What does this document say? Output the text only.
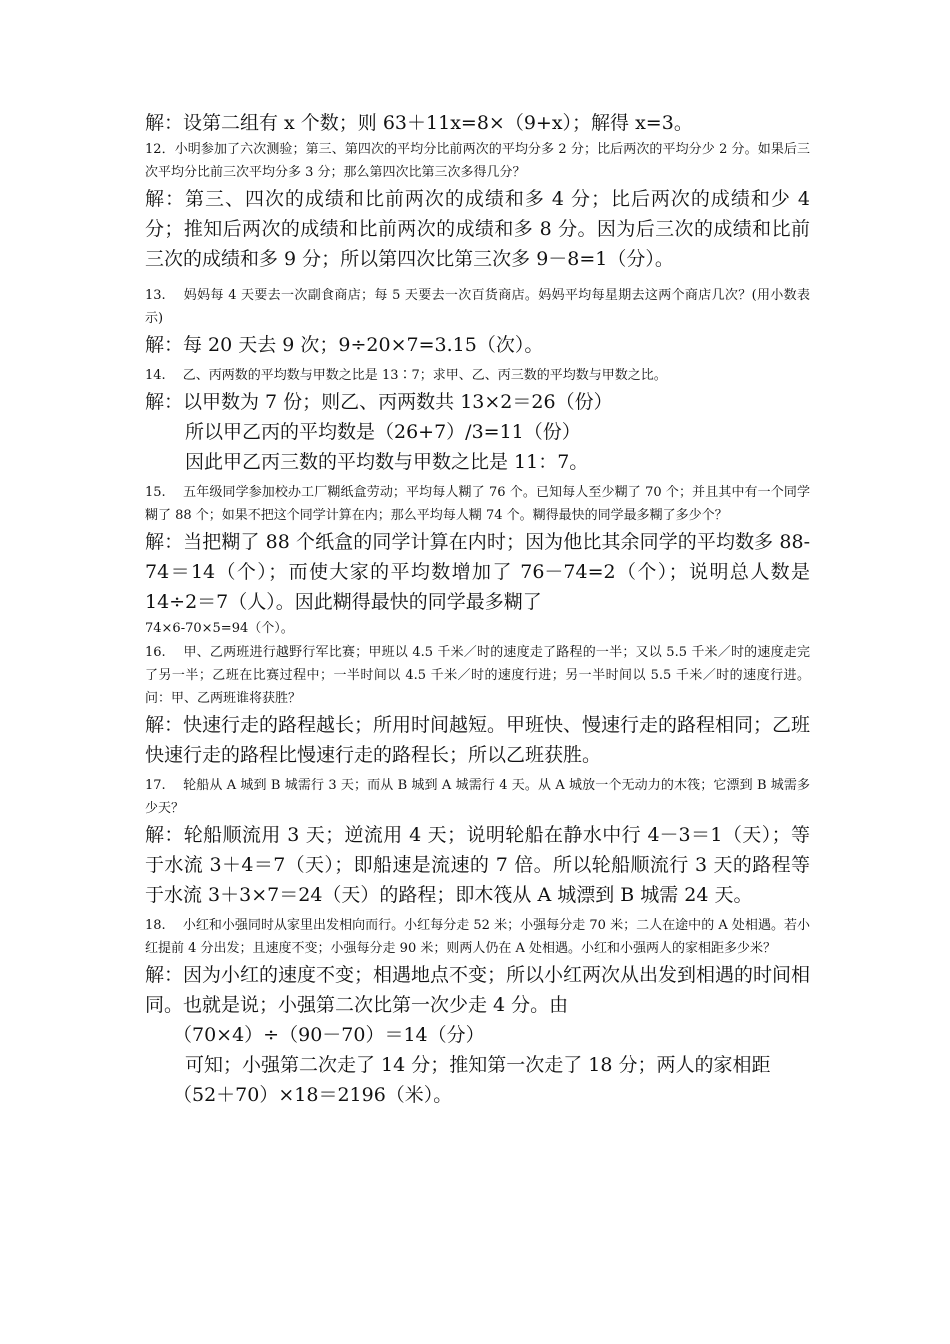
解：设第二组有 x 个数；则 63＋11x=8×（9+x）；解得 x=3。

12．小明参加了六次测验；第三、第四次的平均分比前两次的平均分多 2 分；比后两次的平均分少 2 分。如果后三次平均分比前三次平均分多 3 分；那么第四次比第三次多得几分？

解：第三、四次的成绩和比前两次的成绩和多 4 分；比后两次的成绩和少 4 分；推知后两次的成绩和比前两次的成绩和多 8 分。因为后三次的成绩和比前三次的成绩和多 9 分；所以第四次比第三次多 9－8=1（分）。

13.　 妈妈每 4 天要去一次副食商店；每 5 天要去一次百货商店。妈妈平均每星期去这两个商店几次？(用小数表示)

解：每 20 天去 9 次；9÷20×7=3.15（次）。

14.　 乙、丙两数的平均数与甲数之比是 13∶7；求甲、乙、丙三数的平均数与甲数之比。

解：以甲数为 7 份；则乙、丙两数共 13×2＝26（份）

所以甲乙丙的平均数是（26+7）/3=11（份）

因此甲乙丙三数的平均数与甲数之比是 11：7。

15.　 五年级同学参加校办工厂糊纸盒劳动；平均每人糊了 76 个。已知每人至少糊了 70 个；并且其中有一个同学糊了 88 个；如果不把这个同学计算在内；那么平均每人糊 74 个。糊得最快的同学最多糊了多少个？

解：当把糊了 88 个纸盒的同学计算在内时；因为他比其余同学的平均数多 88-74＝14（个）；而使大家的平均数增加了 76－74=2（个）；说明总人数是 14÷2＝7（人）。因此糊得最快的同学最多糊了

74×6-70×5=94（个）。

16.　 甲、乙两班进行越野行军比赛；甲班以 4.5 千米／时的速度走了路程的一半；又以 5.5 千米／时的速度走完了另一半；乙班在比赛过程中；一半时间以 4.5 千米／时的速度行进；另一半时间以 5.5 千米／时的速度行进。问：甲、乙两班谁将获胜？

解：快速行走的路程越长；所用时间越短。甲班快、慢速行走的路程相同；乙班快速行走的路程比慢速行走的路程长；所以乙班获胜。

17.　 轮船从 A 城到 B 城需行 3 天；而从 B 城到 A 城需行 4 天。从 A 城放一个无动力的木筏；它漂到 B 城需多少天？

解：轮船顺流用 3 天；逆流用 4 天；说明轮船在静水中行 4－3＝1（天）；等于水流 3＋4＝7（天）；即船速是流速的 7 倍。所以轮船顺流行 3 天的路程等于水流 3＋3×7＝24（天）的路程；即木筏从 A 城漂到 B 城需 24 天。

18.　 小红和小强同时从家里出发相向而行。小红每分走 52 米；小强每分走 70 米；二人在途中的 A 处相遇。若小红提前 4 分出发；且速度不变；小强每分走 90 米；则两人仍在 A 处相遇。小红和小强两人的家相距多少米？

解：因为小红的速度不变；相遇地点不变；所以小红两次从出发到相遇的时间相同。也就是说；小强第二次比第一次少走 4 分。由

（70×4）÷（90－70）＝14（分）

可知；小强第二次走了 14 分；推知第一次走了 18 分；两人的家相距

（52＋70）×18＝2196（米）。
